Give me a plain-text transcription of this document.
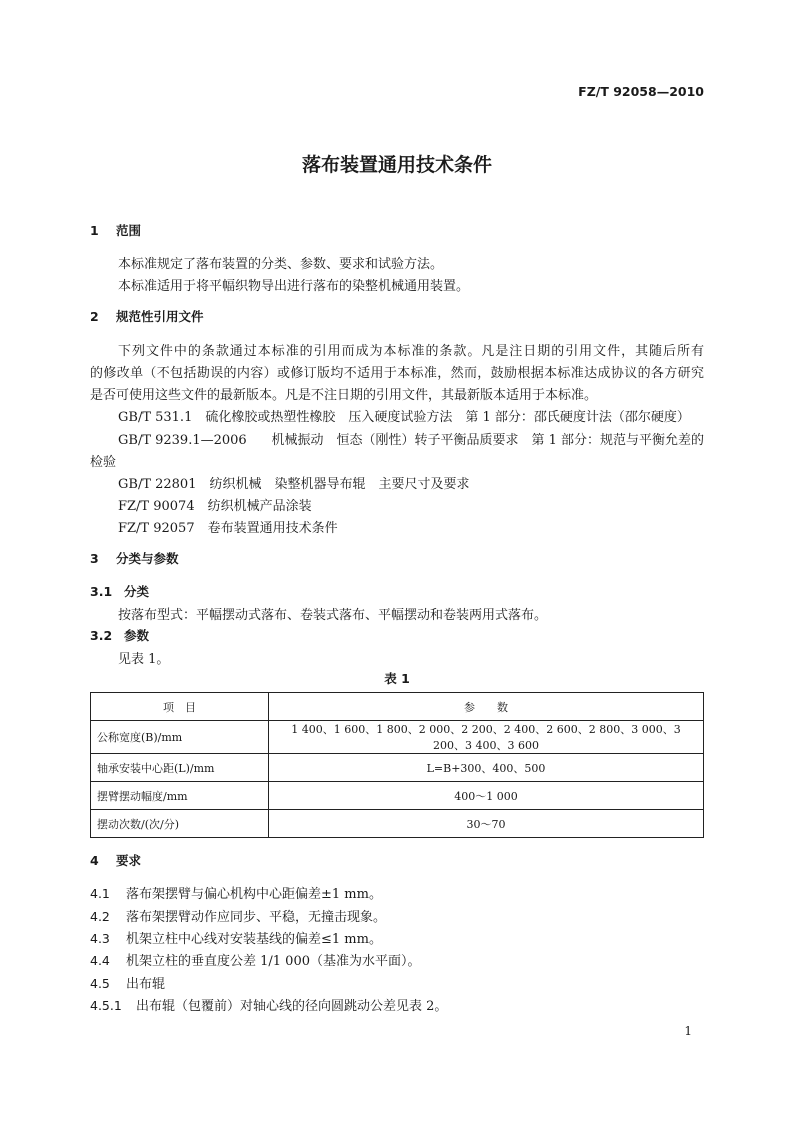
FZ/T 92058—2010
落布装置通用技术条件
1 范围
本标准规定了落布装置的分类、参数、要求和试验方法。
本标准适用于将平幅织物导出进行落布的染整机械通用装置。
2 规范性引用文件
下列文件中的条款通过本标准的引用而成为本标准的条款。凡是注日期的引用文件，其随后所有
的修改单（不包括勘误的内容）或修订版均不适用于本标准，然而，鼓励根据本标准达成协议的各方研究
是否可使用这些文件的最新版本。凡是不注日期的引用文件，其最新版本适用于本标准。
GB/T 531.1　 硫化橡胶或热塑性橡胶　压入硬度试验方法　第 1 部分：邵氏硬度计法（邵尔硬度）
GB/T 9239.1—2006　 机械振动　恒态（刚性）转子平衡品质要求　第 1 部分：规范与平衡允差的
检验
GB/T 22801　 纺织机械　染整机器导布辊　主要尺寸及要求
FZ/T 90074　 纺织机械产品涂装
FZ/T 92057　 卷布装置通用技术条件
3 分类与参数
3.1 分类
按落布型式：平幅摆动式落布、卷装式落布、平幅摆动和卷装两用式落布。
3.2 参数
见表 1。
表 1
项　目	参　　数
公称宽度(B)/mm	1 400、1 600、1 800、2 000、2 200、2 400、2 600、2 800、3 000、3 200、3 400、3 600
轴承安装中心距(L)/mm	L=B+300、400、500
摆臂摆动幅度/mm	400～1 000
摆动次数/(次/分)	30～70
4 要求
4.1 落布架摆臂与偏心机构中心距偏差±1 mm。
4.2 落布架摆臂动作应同步、平稳，无撞击现象。
4.3 机架立柱中心线对安装基线的偏差≤1 mm。
4.4 机架立柱的垂直度公差 1/1 000（基准为水平面）。
4.5 出布辊
4.5.1 出布辊（包覆前）对轴心线的径向圆跳动公差见表 2。
1
